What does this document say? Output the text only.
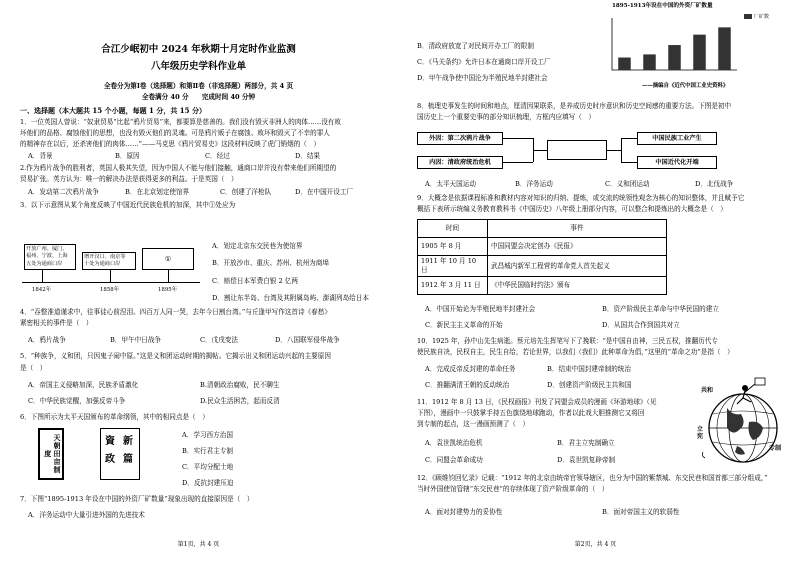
合江少岷初中 2024 年秋期十月定时作业监测
八年级历史学科作业单
全卷分为第Ⅰ卷（选择题）和第Ⅱ卷（非选择题）两部分，共 4 页
全卷满分 40 分　　完成时间 40 分钟
一、选择题（本大题共 15 个小题，每题 1 分，共 15 分）
1．一位英国人曾说：“奴隶贸易”比起“鸦片贸易”来，都要算是慈善的。我们没有毁灭非洲人的肉体……没有败
坏他们的品格、腐蚀他们的思想，也没有毁灭他们的灵魂。可是鸦片贩子在腐蚀、败坏和毁灭了不幸的罪人
的精神存在以后，还杀害他们的肉体……”——马克思《鸦片贸易史》这段材料反映了虎门销烟的（　）
A．背景	B．原因	C．经过	D．结果
2.作为鸦片战争的胜利者，英国人极其失望，因为中国人不能与他们接触，通商口岸并没有带来他们所期望的
贸易扩张。英方认为：唯一的解决办法是获得更多的利益。于是英国（　）
A．发动第二次鸦片战争	B．在北京划定使馆界	C．创建了洋枪队	D．在中国开设工厂
3．以下示意图从某个角度反映了中国近代民族危机的加深，其中①处应为
开放广州、厦门、
福州、宁波、上海
五处为通商口岸
增开汉口、南京等
十处为通商口岸
①
1842年	1858年	1895年
A．划定北京东交民巷为使馆界
B．开放沙市、重庆、苏州、杭州为商埠
C．赔偿日本军费白银 2 亿两
D．割让东半岛、台湾及其附属岛屿、澎湖列岛给日本
4．“吞整准道谨求中，往事徒心前涅泪。四百万人同一哭，去年今日割台湾。”与丘逢甲写作这首诗《春愁》
紧密相关的事件是（　）
A．鸦片战争	B．甲午中日战争	C．戊戌变法	D．八国联军侵华战争
5．“种族争，义和团，只因鬼子闹中原。”这是义和团运动时期的揭帖。它揭示出义和团运动兴起的主要原因
是（　）
A．帝国主义侵略加深，民族矛盾激化	B.清朝政治腐败，民不聊生
C．中华民族觉醒，加强反帝斗争	D.民众生活困苦，起而反清
6．下图所示为太平天国颁布的革命纲领，其中的相同点是（　）
天朝田亩制度
資
政
新
篇
A．学习西方治国
B．实行君主专制
C．平均分配土地
D．反抗封建压迫
7．下图“1895-1913 年设在中国的外资厂矿数量”现象出现的直接原因是（　）
A．洋务运动中大量引进外国的先进技术
第1页，共 4 页
B．清政府放宽了对民间开办工厂的限制
C．《马关条约》允许日本在通商口岸开设工厂
D．甲午战争使中国沦为半殖民地半封建社会
1895-1913年设在中国的外资厂矿数量
厂矿数
——摘编自《近代中国工业史资料》
8．梳理史事发生的时间和地点，厘清因果联系，是养成历史时序意识和历史空间感的重要方法。下图是初中
国历史上一个重要史事的部分知识梳理，方框内应填写（　）
外因：第二次鸦片战争
内因：清政府统治危机
中国民族工业产生
中国近代化开端
A．太平天国运动	B．洋务运动	C．义和团运动	D．北伐战争
9．大概念是依据课程标准和教材内容对知识的归纳、提炼，或交流的统领性观念为核心的知识整体，并且赋予它
概括下表所示统编义务教育教科书《中国历史》八年级上册部分内容，可以整合和提炼出的大概念是（　）
时间	事件
1905 年 8 月	中国同盟会决定创办《民报》
1911 年 10 月 10 日	武昌城内新军工程营的革命党人首先起义
1912 年 3 月 11 日	《中华民国临时约法》颁布
A．中国开始论为半殖民地半封建社会	B．资产阶级民主革命与中华民国的建立
C．新民主主义革命的开始	D．从国共合作到国共对立
10．1925 年，孙中山先生病逝。蔡元培先生挥笔写下了挽联：“是中国自由神，三民五权，推翻历代专
使民族自决，民权自主，民生自给，若论世界，以我们（我们）此种革命为倡，”这里的“革命之功”是指（　）
A．完成反帝反封建的革命任务	B．结束中国封建帝制的统治
C．推翻满清王朝的反动统治	D．创建资产阶级民主共和国
11．1912 年 8 月 13 日，《民权画报》刊发了同盟会成员的漫画《环游地球》（见
下图），漫画中一只鼓掌手持五色旗绕地球跑动，作者以此戏大胆推测它又将回
到专制的起点，这一漫画预测了（　）
A．袁世凯统治危机	B．君主立宪制确立
C．同盟会革命成功	D．袁世凯复辟帝制
共和
立宪
专制
12．《顾维钧回忆录》记载：“1912 年的北京由统帝官领导辖区，也分为中国的紫禁城、东交民巷和国首都三部分组成，”
当时外国使馆管辖“东交民巷”的存续体现了资产阶级革命的（　）
A．面对封建势力的妥协性	B．面对帝国主义的软弱性
第2页，共 4 页
